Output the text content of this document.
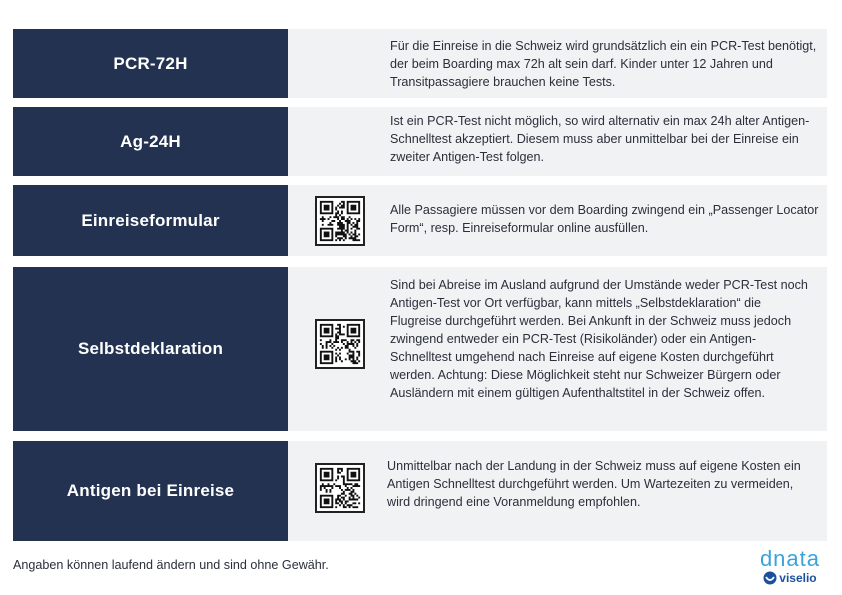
PCR-72H
Für die Einreise in die Schweiz wird grundsätzlich ein ein PCR-Test benötigt, der beim Boarding max 72h alt sein darf. Kinder unter 12 Jahren und Transitpassagiere brauchen keine Tests.
Ag-24H
Ist ein PCR-Test nicht möglich, so wird alternativ ein max 24h alter Antigen-Schnelltest akzeptiert. Diesem muss aber unmittelbar bei der Einreise ein zweiter Antigen-Test folgen.
Einreiseformular
Alle Passagiere müssen vor dem Boarding zwingend ein „Passenger Locator Form“, resp. Einreiseformular online ausfüllen.
Selbstdeklaration
Sind bei Abreise im Ausland aufgrund der Umstände weder PCR-Test noch Antigen-Test vor Ort verfügbar, kann mittels „Selbstdeklaration“ die Flugreise durchgeführt werden. Bei Ankunft in der Schweiz muss jedoch zwingend entweder ein PCR-Test (Risikoländer) oder ein Antigen-Schnelltest umgehend nach Einreise auf eigene Kosten durchgeführt werden. Achtung: Diese Möglichkeit steht nur Schweizer Bürgern oder Ausländern mit einem gültigen Aufenthaltstitel in der Schweiz offen.
Antigen bei Einreise
Unmittelbar nach der Landung in der Schweiz muss auf eigene Kosten ein Antigen Schnelltest durchgeführt werden. Um Wartezeiten zu vermeiden, wird dringend eine Voranmeldung empfohlen.
Angaben können laufend ändern und sind ohne Gewähr.	dnata
viselio
